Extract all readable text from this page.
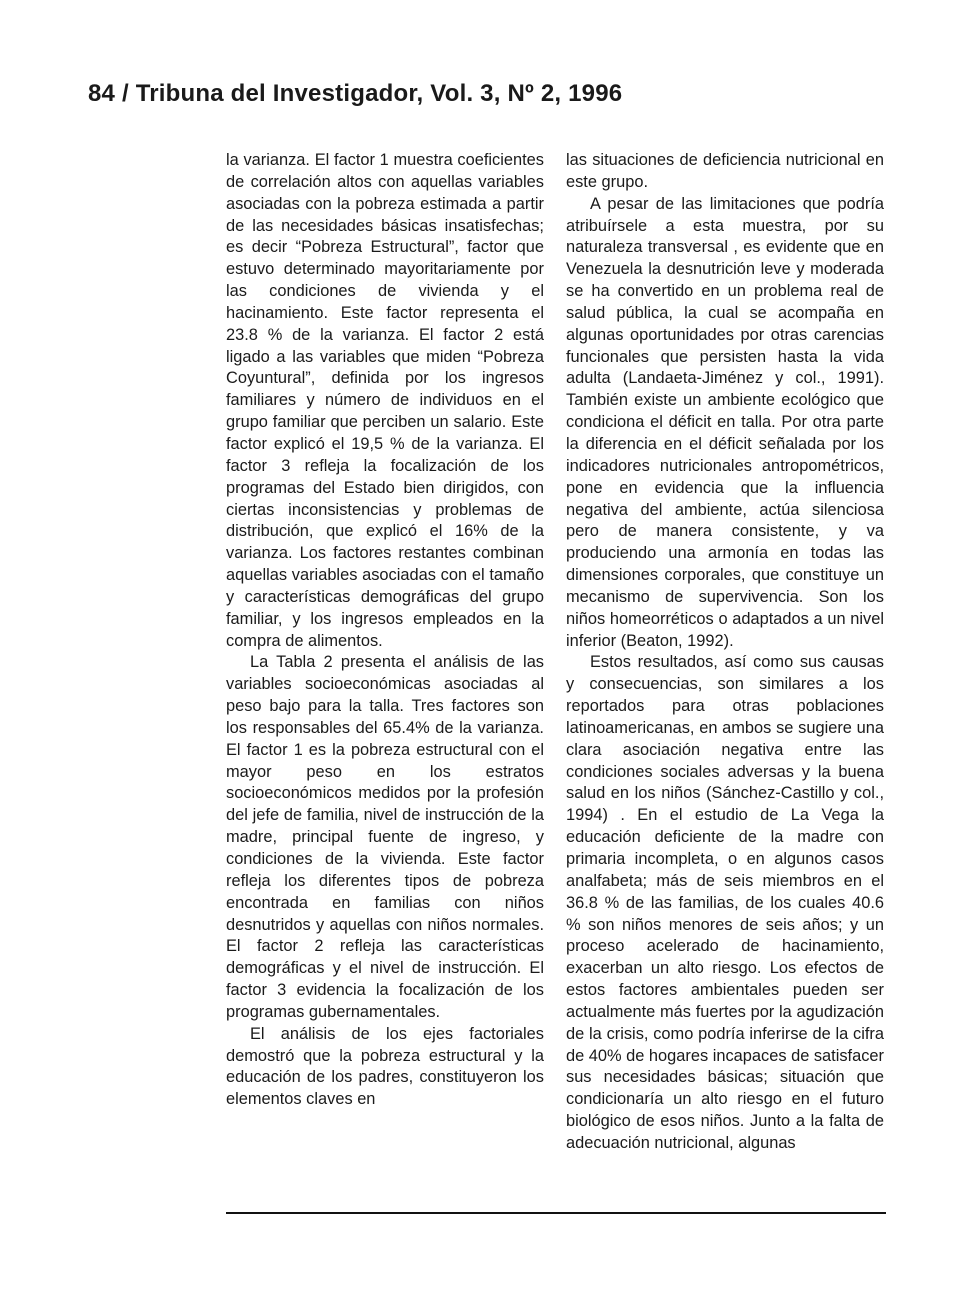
84 / Tribuna del Investigador, Vol. 3, Nº 2, 1996

la varianza. El factor 1 muestra coeficientes de correlación altos con aquellas variables asociadas con la pobreza estimada a partir de las necesidades básicas insatisfechas; es decir “Pobreza Estructural”, factor que estuvo determinado mayoritariamente por las condiciones de vivienda y el hacinamiento. Este factor representa el 23.8 % de la varianza. El factor 2 está ligado a las variables que miden “Pobreza Coyuntural”, definida por los ingresos familiares y número de individuos en el grupo familiar que perciben un salario. Este factor explicó el 19,5 % de la varianza. El factor 3 refleja la focalización de los programas del Estado bien dirigidos, con ciertas inconsistencias y problemas de distribución, que explicó el 16% de la varianza. Los factores restantes combinan aquellas variables asociadas con el tamaño y características demográficas del grupo familiar, y los ingresos empleados en la compra de alimentos.

La Tabla 2 presenta el análisis de las variables socioeconómicas asociadas al peso bajo para la talla. Tres factores son los responsables del 65.4% de la varianza. El factor 1 es la pobreza estructural con el mayor peso en los estratos socioeconómicos medidos por la profesión del jefe de familia, nivel de instrucción de la madre, principal fuente de ingreso, y condiciones de la vivienda. Este factor refleja los diferentes tipos de pobreza encontrada en familias con niños desnutridos y aquellas con niños normales. El factor 2 refleja las características demográficas y el nivel de instrucción. El factor 3 evidencia la focalización de los programas gubernamentales.

El análisis de los ejes factoriales demostró que la pobreza estructural y la educación de los padres, constituyeron los elementos claves en

las situaciones de deficiencia nutricional en este grupo.

A pesar de las limitaciones que podría atribuírsele a esta muestra, por su naturaleza transversal , es evidente que en Venezuela la desnutrición leve y moderada se ha convertido en un problema real de salud pública, la cual se acompaña en algunas oportunidades por otras carencias funcionales que persisten hasta la vida adulta (Landaeta-Jiménez y col., 1991). También existe un ambiente ecológico que condiciona el déficit en talla. Por otra parte la diferencia en el déficit señalada por los indicadores nutricionales antropométricos, pone en evidencia que la influencia negativa del ambiente, actúa silenciosa pero de manera consistente, y va produciendo una armonía en todas las dimensiones corporales, que constituye un mecanismo de supervivencia. Son los niños homeorréticos o adaptados a un nivel inferior (Beaton, 1992).

Estos resultados, así como sus causas y consecuencias, son similares a los reportados para otras poblaciones latinoamericanas, en ambos se sugiere una clara asociación negativa entre las condiciones sociales adversas y la buena salud en los niños (Sánchez-Castillo y col., 1994) . En el estudio de La Vega la educación deficiente de la madre con primaria incompleta, o en algunos casos analfabeta; más de seis miembros en el 36.8 % de las familias, de los cuales 40.6 % son niños menores de seis años; y un proceso acelerado de hacinamiento, exacerban un alto riesgo. Los efectos de estos factores ambientales pueden ser actualmente más fuertes por la agudización de la crisis, como podría inferirse de la cifra de 40% de hogares incapaces de satisfacer sus necesidades básicas; situación que condicionaría un alto riesgo en el futuro biológico de esos niños. Junto a la falta de adecuación nutricional, algunas
